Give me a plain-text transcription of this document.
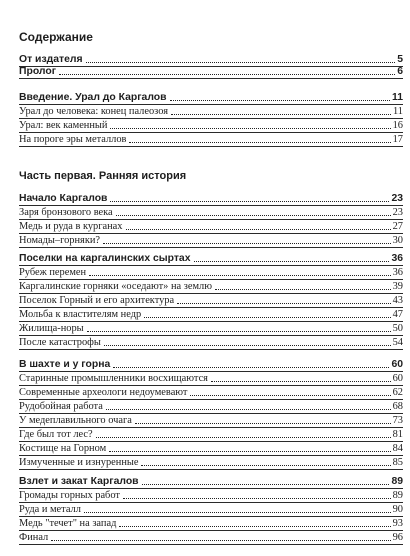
Содержание
Часть первая. Ранняя история
От издателя	5
Пролог	6
Введение. Урал до Каргалов	11
Урал до человека: конец палеозоя	11
Урал: век каменный	16
На пороге эры металлов	17
Начало Каргалов	23
Заря бронзового века	23
Медь и руда в курганах	27
Номады–горняки?	30
Поселки на каргалинских сыртах	36
Рубеж перемен	36
Каргалинские горняки «оседают» на землю	39
Поселок Горный и его архитектура	43
Мольба к властителям недр	47
Жилища-норы	50
После катастрофы	54
В шахте и у горна	60
Старинные промышленники восхищаются	60
Современные археологи недоумевают	62
Рудобойная работа	68
У медеплавильного очага	73
Где был тот лес?	81
Костище на Горном	84
Измученные и изнуренные	85
Взлет и закат Каргалов	89
Громады горных работ	89
Руда и металл	90
Медь "течет" на запад	93
Финал	96
